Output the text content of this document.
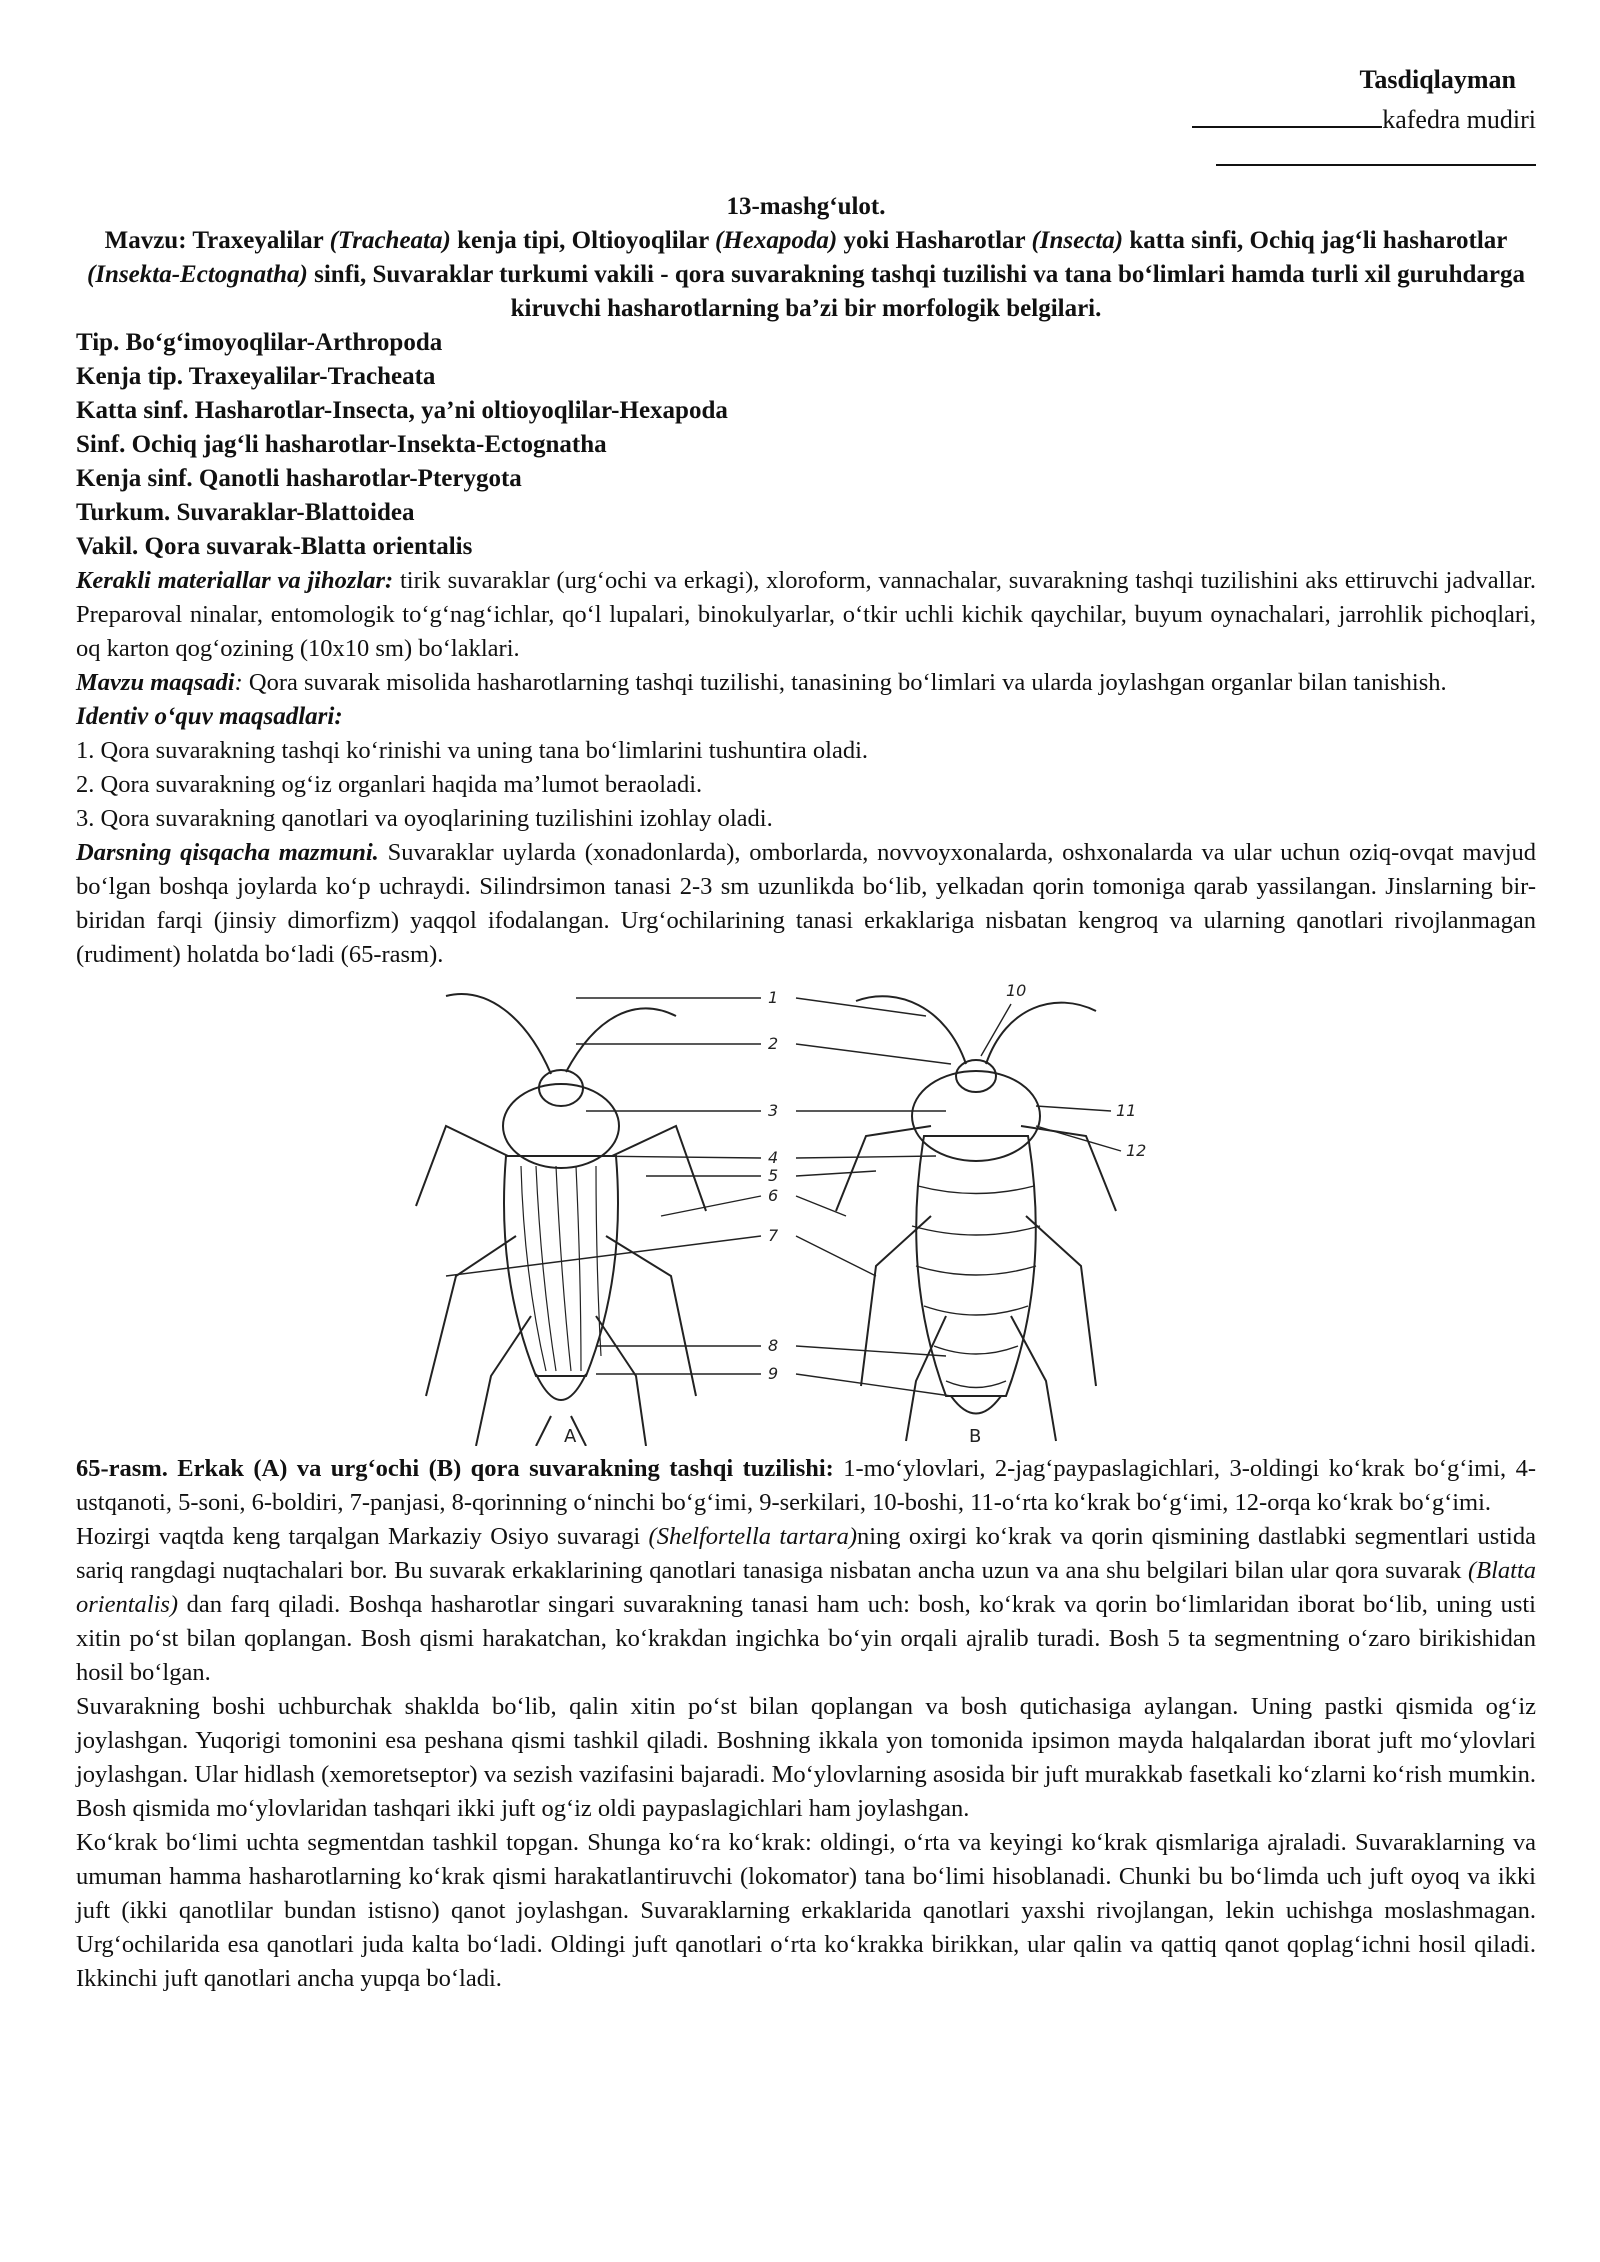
Tasdiqlayman
kafedra mudiri
13-mashg‘ulot.
Mavzu: Traxeyalilar (Tracheata) kenja tipi, Oltioyoqlilar (Hexapoda) yoki Hasharotlar (Insecta) katta sinfi, Ochiq jag‘li hasharotlar (Insekta-Ectognatha) sinfi, Suvaraklar turkumi vakili - qora suvarakning tashqi tuzilishi va tana bo‘limlari hamda turli xil guruhdarga kiruvchi hasharotlarning ba’zi bir morfologik belgilari.
Tip. Bo‘g‘imoyoqlilar-Arthropoda
Kenja tip. Traxeyalilar-Tracheata
Katta sinf. Hasharotlar-Insecta, ya’ni oltioyoqlilar-Hexapoda
Sinf. Ochiq jag‘li hasharotlar-Insekta-Ectognatha
Kenja sinf. Qanotli hasharotlar-Pterygota
Turkum. Suvaraklar-Blattoidea
Vakil. Qora suvarak-Blatta orientalis

Kerakli materiallar va jihozlar: tirik suvaraklar (urg‘ochi va erkagi), xloroform, vannachalar, suvarakning tashqi tuzilishini aks ettiruvchi jadvallar. Preparoval ninalar, entomologik to‘g‘nag‘ichlar, qo‘l lupalari, binokulyarlar, o‘tkir uchli kichik qaychilar, buyum oynachalari, jarrohlik pichoqlari, oq karton qog‘ozining (10x10 sm) bo‘laklari.

Mavzu maqsadi: Qora suvarak misolida hasharotlarning tashqi tuzilishi, tanasining bo‘limlari va ularda joylashgan organlar bilan tanishish.

Identiv o‘quv maqsadlari:
1. Qora suvarakning tashqi ko‘rinishi va uning tana bo‘limlarini tushuntira oladi.
2. Qora suvarakning og‘iz organlari haqida ma’lumot beraoladi.
3. Qora suvarakning qanotlari va oyoqlarining tuzilishini izohlay oladi.

Darsning qisqacha mazmuni. Suvaraklar uylarda (xonadonlarda), omborlarda, novvoyxonalarda, oshxonalarda va ular uchun oziq-ovqat mavjud bo‘lgan boshqa joylarda ko‘p uchraydi. Silindrsimon tanasi 2-3 sm uzunlikda bo‘lib, yelkadan qorin tomoniga qarab yassilangan. Jinslarning bir-biridan farqi (jinsiy dimorfizm) yaqqol ifodalangan. Urg‘ochilarining tanasi erkaklariga nisbatan kengroq va ularning qanotlari rivojlanmagan (rudiment) holatda bo‘ladi (65-rasm).

1
2
3
4
5
6
7
8
9
10
11
12
A	B

65-rasm. Erkak (A) va urg‘ochi (B) qora suvarakning tashqi tuzilishi: 1-mo‘ylovlari, 2-jag‘paypaslagichlari, 3-oldingi ko‘krak bo‘g‘imi, 4-ustqanoti, 5-soni, 6-boldiri, 7-panjasi, 8-qorinning o‘ninchi bo‘g‘imi, 9-serkilari, 10-boshi, 11-o‘rta ko‘krak bo‘g‘imi, 12-orqa ko‘krak bo‘g‘imi.

Hozirgi vaqtda keng tarqalgan Markaziy Osiyo suvaragi (Shelfortella tartara)ning oxirgi ko‘krak va qorin qismining dastlabki segmentlari ustida sariq rangdagi nuqtachalari bor. Bu suvarak erkaklarining qanotlari tanasiga nisbatan ancha uzun va ana shu belgilari bilan ular qora suvarak (Blatta orientalis) dan farq qiladi. Boshqa hasharotlar singari suvarakning tanasi ham uch: bosh, ko‘krak va qorin bo‘limlaridan iborat bo‘lib, uning usti xitin po‘st bilan qoplangan. Bosh qismi harakatchan, ko‘krakdan ingichka bo‘yin orqali ajralib turadi. Bosh 5 ta segmentning o‘zaro birikishidan hosil bo‘lgan.

Suvarakning boshi uchburchak shaklda bo‘lib, qalin xitin po‘st bilan qoplangan va bosh qutichasiga aylangan. Uning pastki qismida og‘iz joylashgan. Yuqorigi tomonini esa peshana qismi tashkil qiladi. Boshning ikkala yon tomonida ipsimon mayda halqalardan iborat juft mo‘ylovlari joylashgan. Ular hidlash (xemoretseptor) va sezish vazifasini bajaradi. Mo‘ylovlarning asosida bir juft murakkab fasetkali ko‘zlarni ko‘rish mumkin. Bosh qismida mo‘ylovlaridan tashqari ikki juft og‘iz oldi paypaslagichlari ham joylashgan.

Ko‘krak bo‘limi uchta segmentdan tashkil topgan. Shunga ko‘ra ko‘krak: oldingi, o‘rta va keyingi ko‘krak qismlariga ajraladi. Suvaraklarning va umuman hamma hasharotlarning ko‘krak qismi harakatlantiruvchi (lokomator) tana bo‘limi hisoblanadi. Chunki bu bo‘limda uch juft oyoq va ikki juft (ikki qanotlilar bundan istisno) qanot joylashgan. Suvaraklarning erkaklarida qanotlari yaxshi rivojlangan, lekin uchishga moslashmagan. Urg‘ochilarida esa qanotlari juda kalta bo‘ladi. Oldingi juft qanotlari o‘rta ko‘krakka birikkan, ular qalin va qattiq qanot qoplag‘ichni hosil qiladi. Ikkinchi juft qanotlari ancha yupqa bo‘ladi.
